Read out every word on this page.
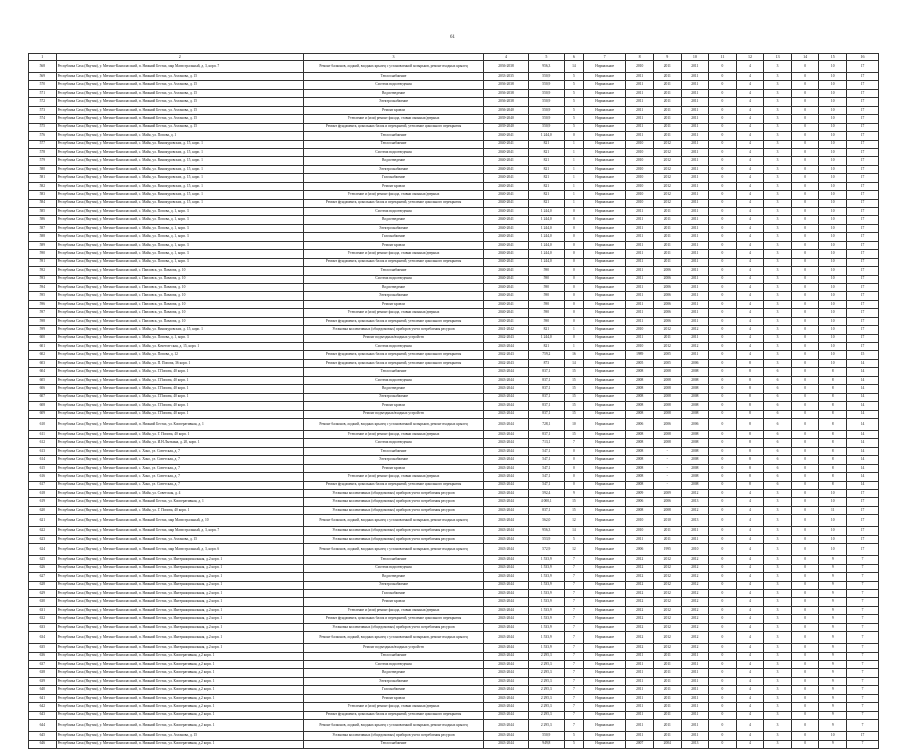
61
1	2	3	4	5	6	7	8	9	10	11	12	13	14	15	16
568	Республика Саха (Якутия), у. Мегино-Кангаласский, п. Нижний Бестях, мкр Магистральный, д. 3, корп. 7	Ремонт балконов, лоджий, входных крылец с установленной козырьков, ремонт входных крылец	2036-2038	956,3	14	Нормальное	2010	2011	2011	0	4	3	0	10	17
569	Республика Саха (Якутия), у. Мегино-Кангаласский, п. Нижний Бестях, ул. Ахтанова, д. 15	Теплоснабжение	2033-2035	550,9	5	Нормальное	2011	2011	2011	0	4	3	0	10	17
570	Республика Саха (Якутия), у. Мегино-Кангаласский, п. Нижний Бестях, ул. Ахтанова, д. 15	Система водоотведения	2036-2038	550,9	5	Нормальное	2011	2011	2011	0	4	3	0	10	17
571	Республика Саха (Якутия), у. Мегино-Кангаласский, п. Нижний Бестях, ул. Ахтанова, д. 15	Водоотведение	2036-2038	550,9	5	Нормальное	2011	2011	2011	0	4	3	0	10	17
572	Республика Саха (Якутия), у. Мегино-Кангаласский, п. Нижний Бестях, ул. Ахтанова, д. 15	Электроснабжение	2036-2038	550,9	5	Нормальное	2011	2011	2011	0	4	3	0	10	17
573	Республика Саха (Якутия), у. Мегино-Кангаласский, п. Нижний Бестях, ул. Ахтанова, д. 15	Ремонт кровли	2036-2040	550,9	5	Нормальное	2011	2011	2011	0	4	3	0	10	17
574	Республика Саха (Якутия), у. Мегино-Кангаласский, п. Нижний Бестях, ул. Ахтанова, д. 15	Утепление и (или) ремонт фасада, ставни оконных/дверных	2039-2040	550,9	5	Нормальное	2011	2011	2011	0	4	3	0	10	17
575	Республика Саха (Якутия), у. Мегино-Кангаласский, п. Нижний Бестях, ул. Ахтанова, д. 15	Ремонт фундамента, цокольных балок и перекрытий, утепление цокольного перекрытия	2039-2040	550,9	5	Нормальное	2011	2011	2011	0	4	3	0	10	17
576	Республика Саха (Якутия), у. Мегино-Кангаласский, с. Майя, ул. Попова, д. 1	Теплоснабжение	2040-2041	1 244,0	0	Нормальное	2011	2011	2011	0	4	3	0	10	17
577	Республика Саха (Якутия), у. Мегино-Кангаласский, с. Майя, ул. Винокуровских, д. 15, корп. 1	Теплоснабжение	2040-2041	821	1	Нормальное	2010	2012	2011	0	4	3	0	10	17
578	Республика Саха (Якутия), у. Мегино-Кангаласский, с. Майя, ул. Винокуровских, д. 15, корп. 1	Система водоотведения	2040-2041	821	1	Нормальное	2010	2012	2011	0	4	3	0	10	17
579	Республика Саха (Якутия), у. Мегино-Кангаласский, с. Майя, ул. Винокуровских, д. 15, корп. 1	Водоотведение	2040-2041	821	1	Нормальное	2010	2012	2011	0	4	3	0	10	17
580	Республика Саха (Якутия), у. Мегино-Кангаласский, с. Майя, ул. Винокуровских, д. 15, корп. 1	Электроснабжение	2040-2041	821	1	Нормальное	2010	2012	2011	0	4	3	0	10	17
581	Республика Саха (Якутия), у. Мегино-Кангаласский, с. Майя, ул. Винокуровских, д. 15, корп. 1	Газоснабжение	2040-2041	821	1	Нормальное	2010	2012	2011	0	4	3	0	10	17
582	Республика Саха (Якутия), у. Мегино-Кангаласский, с. Майя, ул. Винокуровских, д. 15, корп. 1	Ремонт кровли	2040-2041	821	1	Нормальное	2010	2012	2011	0	4	3	0	10	17
583	Республика Саха (Якутия), у. Мегино-Кангаласский, с. Майя, ул. Винокуровских, д. 15, корп. 1	Утепление и (или) ремонт фасада, ставни оконных/дверных	2040-2041	821	1	Нормальное	2010	2012	2011	0	4	3	0	10	17
584	Республика Саха (Якутия), у. Мегино-Кангаласский, с. Майя, ул. Винокуровских, д. 15, корп. 1	Ремонт фундамента, цокольных балок и перекрытий, утепление цокольного перекрытия	2040-2041	821	1	Нормальное	2010	2012	2011	0	4	3	0	10	17
585	Республика Саха (Якутия), у. Мегино-Кангаласский, с. Майя, ул. Попова, д. 1, корп. 3	Система водоотведения	2040-2041	1 244,0	0	Нормальное	2011	2011	2011	0	4	3	0	10	17
586	Республика Саха (Якутия), у. Мегино-Кангаласский, с. Майя, ул. Попова, д. 1, корп. 3	Водоотведение	2040-2041	1 244,0	0	Нормальное	2011	2011	2011	0	4	3	0	10	17
587	Республика Саха (Якутия), у. Мегино-Кангаласский, с. Майя, ул. Попова, д. 1, корп. 3	Электроснабжение	2040-2041	1 244,0	0	Нормальное	2011	2011	2011	0	4	3	0	10	17
588	Республика Саха (Якутия), у. Мегино-Кангаласский, с. Майя, ул. Попова, д. 1, корп. 3	Газоснабжение	2040-2041	1 244,0	0	Нормальное	2011	2011	2011	0	4	3	0	10	17
589	Республика Саха (Якутия), у. Мегино-Кангаласский, с. Майя, ул. Попова, д. 1, корп. 3	Ремонт кровли	2040-2041	1 244,0	0	Нормальное	2011	2011	2011	0	4	3	0	10	17
590	Республика Саха (Якутия), у. Мегино-Кангаласский, с. Майя, ул. Попова, д. 1, корп. 3	Утепление и (или) ремонт фасада, ставни оконных/дверных	2040-2041	1 244,0	0	Нормальное	2011	2011	2011	0	4	3	0	10	17
591	Республика Саха (Якутия), у. Мегино-Кангаласский, с. Майя, ул. Попова, д. 1, корп. 3	Ремонт фундамента, цокольных балок и перекрытий, утепление цокольного перекрытия	2040-2041	1 244,0	0	Нормальное	2011	2011	2011	0	4	3	0	10	17
592	Республика Саха (Якутия), у. Мегино-Кангаласский, с. Павловск, ул. Павлова, д. 10	Теплоснабжение	2040-2041	590	0	Нормальное	2011	2006	2011	0	4	3	0	10	17
593	Республика Саха (Якутия), у. Мегино-Кангаласский, с. Павловск, ул. Павлова, д. 10	Система водоотведения	2040-2041	590	0	Нормальное	2011	2006	2011	0	4	3	0	10	17
594	Республика Саха (Якутия), у. Мегино-Кангаласский, с. Павловск, ул. Павлова, д. 10	Водоотведение	2040-2041	590	0	Нормальное	2011	2006	2011	0	4	3	0	10	17
595	Республика Саха (Якутия), у. Мегино-Кангаласский, с. Павловск, ул. Павлова, д. 10	Электроснабжение	2040-2041	590	0	Нормальное	2011	2006	2011	0	4	3	0	10	17
596	Республика Саха (Якутия), у. Мегино-Кангаласский, с. Павловск, ул. Павлова, д. 10	Ремонт кровли	2040-2041	590	0	Нормальное	2011	2006	2011	0	4	3	0	10	17
597	Республика Саха (Якутия), у. Мегино-Кангаласский, с. Павловск, ул. Павлова, д. 10	Утепление и (или) ремонт фасада, ставни оконных/дверных	2040-2041	590	0	Нормальное	2011	2006	2011	0	4	3	0	10	17
598	Республика Саха (Якутия), у. Мегино-Кангаласский, с. Павловск, ул. Павлова, д. 10	Ремонт фундамента, цокольных балок и перекрытий, утепление цокольного перекрытия	2040-2041	590	0	Нормальное	2011	2006	2011	0	4	3	0	10	17
599	Республика Саха (Якутия), у. Мегино-Кангаласский, с. Майя, ул. Винокуровских, д. 15, корп. 1	Установка коллективных (общедомовых) приборов учета потребления ресурсов	2041-2042	821	1	Нормальное	2010	2012	2012	0	4	3	0	10	17
600	Республика Саха (Якутия), у. Мегино-Кангаласский, с. Майя, ул. Попова, д. 1, корп. 3	Ремонт подъездных/входных устройств	2042-2043	1 244,0	0	Нормальное	2011	2011	2011	0	4	3	0	10	17
601	Республика Саха (Якутия), у. Мегино-Кангаласский, с. Майя, ул. Кочетов-ская, д. 15, корп. 1	Система водоотведения	2043-2044	821	1	Нормальное	2010	2012	2012	0	4	3	0	10	17
602	Республика Саха (Якутия), у. Мегино-Кангаласский, с. Майя, ул. Попова, д. 12	Ремонт фундамента, цокольных балок и перекрытий, утепление цокольного перекрытия	2042-2043	759,2	16	Нормальное	1989	2005	2011	0	4	3	0	10	15
603	Республика Саха (Якутия), у. Мегино-Кангаласский, с. Майя, ул. П. Попова, 36 корп. 1	Ремонт фундамента, цокольных балок и перекрытий, утепление цокольного перекрытия	2042-2043	873	14	Нормальное	2005	2005	2006	0	8	3	0	10	14
604	Республика Саха (Якутия), у. Мегино-Кангаласский, с. Майя, ул. Г.Попова, 40 корп. 1	Теплоснабжение	2043-2044	837,1	15	Нормальное	2008	2008	2008	0	8	6	0	8	14
605	Республика Саха (Якутия), у. Мегино-Кангаласский, с. Майя, ул. Г.Попова, 40 корп. 1	Система водоотведения	2043-2044	837,1	15	Нормальное	2008	2008	2008	0	8	6	0	8	14
606	Республика Саха (Якутия), у. Мегино-Кангаласский, с. Майя, ул. Г.Попова, 40 корп. 1	Водоотведение	2043-2044	837,1	15	Нормальное	2008	2008	2008	0	8	6	0	8	14
607	Республика Саха (Якутия), у. Мегино-Кангаласский, с. Майя, ул. Г.Попова, 40 корп. 1	Электроснабжение	2043-2044	837,1	15	Нормальное	2008	2008	2008	0	8	6	0	8	14
608	Республика Саха (Якутия), у. Мегино-Кангаласский, с. Майя, ул. Г.Попова, 40 корп. 1	Ремонт кровли	2043-2044	837,1	15	Нормальное	2008	2008	2008	0	8	6	0	8	14
609	Республика Саха (Якутия), у. Мегино-Кангаласский, с. Майя, ул. Г.Попова, 40 корп. 1	Ремонт подъездных/входных устройств	2043-2044	837,1	15	Нормальное	2008	2008	2008	0	8	6	0	8	14
610	Республика Саха (Якутия), у. Мегино-Кангаласский, п. Нижний Бестях, ул. Кооперативная, д. 1	Ремонт балконов, лоджий, входных крылец с установленной козырьков, ремонт входных крылец	2043-2044	728,1	10	Нормальное	2006	2006	2006	0	8	6	0	8	14
611	Республика Саха (Якутия), у. Мегино-Кангаласский, с. Майя, ул. Г. Попова, 40 корп. 1	Утепление и (или) ремонт фасада, ставни оконных/дверных	2043-2044	837,1	15	Нормальное	2008	2008	2008	0	8	6	0	8	14
612	Республика Саха (Якутия), у. Мегино-Кангаласский, с. Майя, ул. И.Н.Лыткина, д. 20, корп. 1	Система водоотведения	2043-2044	713,1	7	Нормальное	2008	2008	2008	0	8	6	0	8	14
613	Республика Саха (Якутия), у. Мегино-Кангаласский, с. Хоно, ул. Советская, д. 7	Теплоснабжение	2043-2044	547,1	0	Нормальное	2008	-	2008	0	8	6	0	8	14
614	Республика Саха (Якутия), у. Мегино-Кангаласский, с. Хоно, ул. Советская, д. 7	Электроснабжение	2043-2044	547,1	0	Нормальное	2008	-	2008	0	8	6	0	8	14
615	Республика Саха (Якутия), у. Мегино-Кангаласский, с. Хоно, ул. Советская, д. 7	Ремонт кровли	2043-2044	547,1	0	Нормальное	2008	-	2008	0	8	6	0	8	14
616	Республика Саха (Якутия), у. Мегино-Кангаласский, с. Хоно, ул. Советская, д. 7	Утепление и (или) ремонт фасада, ставни оконных/дверных	2043-2044	547,1	0	Нормальное	2008	-	2008	0	8	6	0	8	14
617	Республика Саха (Якутия), у. Мегино-Кангаласский, с. Хоно, ул. Советская, д. 7	Ремонт фундамента, цокольных балок и перекрытий, утепление цокольного перекрытия	2043-2044	547,1	0	Нормальное	2008	-	2008	0	8	6	0	8	14
618	Республика Саха (Якутия), у. Мегино-Кангаласский, с. Майя, ул. Советская, д. 4	Установка коллективных (общедомовых) приборов учета потребления ресурсов	2043-2044	592,4	9	Нормальное	2009	2009	2012	0	4	3	0	10	17
619	Республика Саха (Якутия), у. Мегино-Кангаласский, п. Нижний Бестях, ул. Кооперативная, д. 1	Установка коллективных (общедомовых) приборов учета потребления ресурсов	2043-2044	4 000,1	15	Нормальное	2006	2006	2013	0	4	3	0	10	17
620	Республика Саха (Якутия), у. Мегино-Кангаласский, с. Майя, ул. Г. Попова, 40 корп. 1	Установка коллективных (общедомовых) приборов учета потребления ресурсов	2043-2044	837,1	15	Нормальное	2008	2008	2012	0	4	3	0	11	17
621	Республика Саха (Якутия), у. Мегино-Кангаласский, п. Нижний Бестях, мкр Магистральный, д. 10	Ремонт балконов, лоджий, входных крылец с установленной козырьков, ремонт входных крылец	2043-2044	562,0	12	Нормальное	2010	2010	2013	0	4	3	0	10	17
622	Республика Саха (Якутия), у. Мегино-Кангаласский, п. Нижний Бестях, мкр Магистральный, д. 3, корп. 7	Установка коллективных (общедомовых) приборов учета потребления ресурсов	2043-2044	956,3	14	Нормальное	2010	2011	2011	0	4	3	0	10	17
623	Республика Саха (Якутия), у. Мегино-Кангаласский, п. Нижний Бестях, ул. Ахтанова, д. 15	Установка коллективных (общедомовых) приборов учета потребления ресурсов	2043-2044	553,9	5	Нормальное	2011	2011	2011	0	4	3	0	10	17
624	Республика Саха (Якутия), у. Мегино-Кангаласский, п. Нижний Бестях, мкр Магистральный, д. 3, корп. 6	Ремонт балконов, лоджий, входных крылец с установленной козырьков, ремонт входных крылец	2043-2044	572,9	12	Нормальное	2006	1995	2010	0	4	3	0	10	17
625	Республика Саха (Якутия), у. Мегино-Кангаласский, п. Нижний Бестях, ул. Интернациональная, д.2 корп. 1	Теплоснабжение	2043-2044	1 533,9	7	Нормальное	2012	2012	2012	0	4	3	0	9	7
626	Республика Саха (Якутия), у. Мегино-Кангаласский, п. Нижний Бестях, ул. Интернациональная, д.2 корп. 1	Система водоотведения	2043-2044	1 533,9	7	Нормальное	2012	2012	2012	0	4	3	0	9	7
627	Республика Саха (Якутия), у. Мегино-Кангаласский, п. Нижний Бестях, ул. Интернациональная, д.2 корп. 1	Водоотведение	2043-2044	1 533,9	7	Нормальное	2012	2012	2012	0	4	3	0	9	7
628	Республика Саха (Якутия), у. Мегино-Кангаласский, п. Нижний Бестях, ул. Интернациональная, д.2 корп. 1	Электроснабжение	2043-2044	1 533,9	7	Нормальное	2012	2012	2012	0	4	3	0	9	7
629	Республика Саха (Якутия), у. Мегино-Кангаласский, п. Нижний Бестях, ул. Интернациональная, д.2 корп. 1	Газоснабжение	2043-2044	1 533,9	7	Нормальное	2012	2012	2012	0	4	3	0	9	7
630	Республика Саха (Якутия), у. Мегино-Кангаласский, п. Нижний Бестях, ул. Интернациональная, д.2 корп. 1	Ремонт кровли	2043-2044	1 533,9	7	Нормальное	2012	2012	2012	0	4	3	0	9	7
631	Республика Саха (Якутия), у. Мегино-Кангаласский, п. Нижний Бестях, ул. Интернациональная, д.2 корп. 1	Утепление и (или) ремонт фасада, ставни оконных/дверных	2043-2044	1 533,9	7	Нормальное	2012	2012	2012	0	4	3	0	9	7
632	Республика Саха (Якутия), у. Мегино-Кангаласский, п. Нижний Бестях, ул. Интернациональная, д.2 корп. 1	Ремонт фундамента, цокольных балок и перекрытий, утепление цокольного перекрытия	2043-2044	1 533,9	7	Нормальное	2012	2012	2012	0	4	3	0	9	7
633	Республика Саха (Якутия), у. Мегино-Кангаласский, п. Нижний Бестях, ул. Интернациональная, д.2 корп. 1	Установка коллективных (общедомовых) приборов учета потребления ресурсов	2043-2044	1 533,9	7	Нормальное	2012	2012	2012	0	4	3	0	9	7
634	Республика Саха (Якутия), у. Мегино-Кангаласский, п. Нижний Бестях, ул. Интернациональная, д.2 корп. 1	Ремонт балконов, лоджий, входных крылец с установленной козырьков, ремонт входных крылец	2043-2044	1 533,9	7	Нормальное	2012	2012	2012	0	4	3	0	9	7
635	Республика Саха (Якутия), у. Мегино-Кангаласский, п. Нижний Бестях, ул. Интернациональная, д.2 корп. 1	Ремонт подъездных/входных устройств	2043-2044	1 533,9	7	Нормальное	2012	2012	2012	0	4	3	0	9	7
636	Республика Саха (Якутия), у. Мегино-Кангаласский, п. Нижний Бестях, ул. Кооперативная, д.2 корп. 1	Теплоснабжение	2043-2044	2 295,3	7	Нормальное	2011	2011	2011	0	4	3	0	9	7
637	Республика Саха (Якутия), у. Мегино-Кангаласский, п. Нижний Бестях, ул. Кооперативная, д.2 корп. 1	Система водоотведения	2043-2044	2 295,3	7	Нормальное	2011	2011	2011	0	4	3	0	9	7
638	Республика Саха (Якутия), у. Мегино-Кангаласский, п. Нижний Бестях, ул. Кооперативная, д.2 корп. 1	Водоотведение	2043-2044	2 295,3	7	Нормальное	2011	2011	2011	0	4	3	0	9	7
639	Республика Саха (Якутия), у. Мегино-Кангаласский, п. Нижний Бестях, ул. Кооперативная, д.2 корп. 1	Электроснабжение	2043-2044	2 295,3	7	Нормальное	2011	2011	2011	0	4	3	0	9	7
640	Республика Саха (Якутия), у. Мегино-Кангаласский, п. Нижний Бестях, ул. Кооперативная, д.2 корп. 1	Газоснабжение	2043-2044	2 295,3	7	Нормальное	2011	2011	2011	0	4	3	0	9	7
641	Республика Саха (Якутия), у. Мегино-Кангаласский, п. Нижний Бестях, ул. Кооперативная, д.2 корп. 1	Ремонт кровли	2043-2044	2 295,3	7	Нормальное	2011	2011	2011	0	4	3	0	9	7
642	Республика Саха (Якутия), у. Мегино-Кангаласский, п. Нижний Бестях, ул. Кооперативная, д.2 корп. 1	Утепление и (или) ремонт фасада, ставни оконных/дверных	2043-2044	2 295,3	7	Нормальное	2011	2011	2011	0	4	3	0	9	7
643	Республика Саха (Якутия), у. Мегино-Кангаласский, п. Нижний Бестях, ул. Кооперативная, д.2 корп. 1	Ремонт фундамента, цокольных балок и перекрытий, утепление цокольного перекрытия	2043-2044	2 295,3	7	Нормальное	2011	2011	2011	0	4	3	0	9	7
644	Республика Саха (Якутия), у. Мегино-Кангаласский, п. Нижний Бестях, ул. Кооперативная, д.2 корп. 1	Ремонт балконов, лоджий, входных крылец с установленной козырьков, ремонт входных крылец	2043-2044	2 295,3	7	Нормальное	2011	2011	2011	0	4	3	0	9	7
645	Республика Саха (Якутия), у. Мегино-Кангаласский, п. Нижний Бестях, ул. Ахтанова, д. 15	Установка коллективных (общедомовых) приборов учета потребления ресурсов	2043-2044	550,9	5	Нормальное	2011	2011	2011	0	4	3	0	10	17
646	Республика Саха (Якутия), у. Мегино-Кангаласский, п. Нижний Бестях, ул. Кооперативная, д.2 корп. 1	Теплоснабжение	2043-2044	949,8	5	Нормальное	2007	2004	2013	0	4	3	0	9	7
